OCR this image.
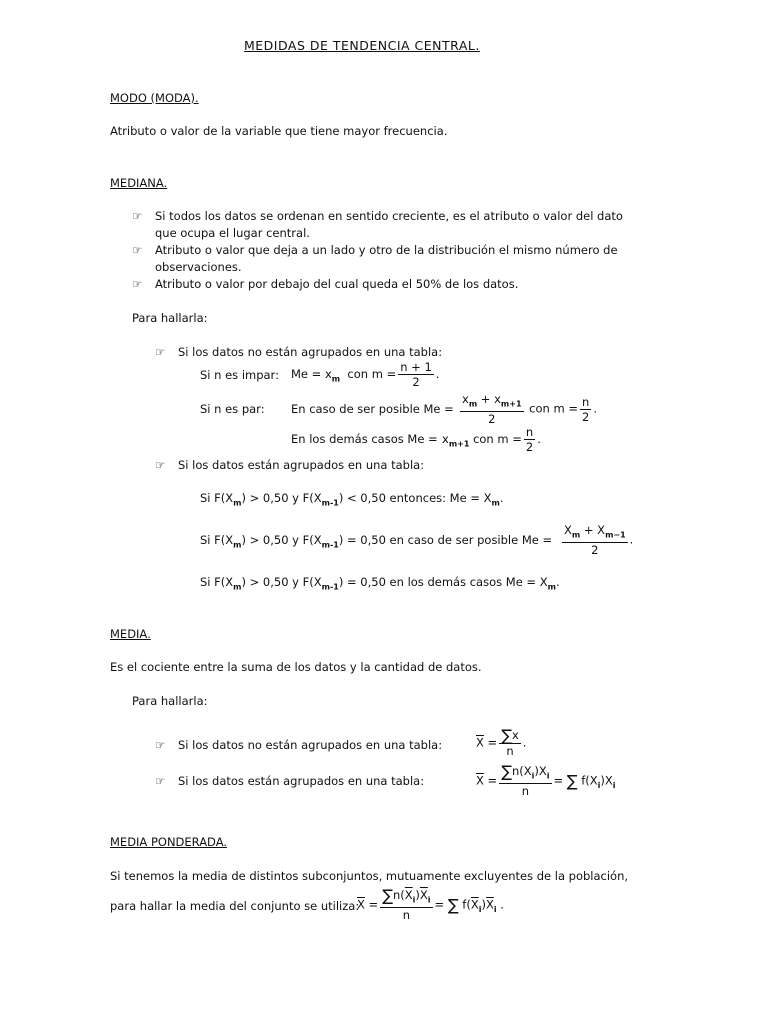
MEDIDAS DE TENDENCIA CENTRAL.
MODO (MODA).
Atributo o valor de la variable que tiene mayor frecuencia.
MEDIANA.
☞ Si todos los datos se ordenan en sentido creciente, es el atributo o valor del dato
que ocupa el lugar central.
☞ Atributo o valor que deja a un lado y otro de la distribución el mismo número de
observaciones.
☞ Atributo o valor por debajo del cual queda el 50% de los datos.
Para hallarla:
☞ Si los datos no están agrupados en una tabla:
Si n es impar: $Me = x_m$  con $m = \frac{n + 1}{2}$ .
Si n es par: En caso de ser posible $Me = \frac{x_m + x_{m+1}}{2}$ con $m = \frac{n}{2}$ .
En los demás casos $Me = x_{m+1}$ con $m = \frac{n}{2}$ .
☞ Si los datos están agrupados en una tabla:
Si $F(X_m) > 0,50$ y $F(X_{m-1}) < 0,50$ entonces: $Me = X_m$.
Si $F(X_m) > 0,50$ y $F(X_{m-1}) = 0,50$ en caso de ser posible $Me = \frac{X_m + X_{m-1}}{2}$ .
Si $F(X_m) > 0,50$ y $F(X_{m-1}) = 0,50$ en los demás casos $Me = X_m$.
MEDIA.
Es el cociente entre la suma de los datos y la cantidad de datos.
Para hallarla:
☞ Si los datos no están agrupados en una tabla:	$\overline{X} = \frac{\sum x}{n}$ .
☞ Si los datos están agrupados en una tabla:	$\overline{X} = \frac{\sum n(X_i)X_i}{n}$ = ∑ $f(X_i)X_i$
MEDIA PONDERADA.
Si tenemos la media de distintos subconjuntos, mutuamente excluyentes de la población,
para hallar la media del conjunto se utiliza:
$\overline{X} = \frac{\sum n(\overline{X}_i)\overline{X}_i}{n}$ = ∑ $f(\overline{X}_i)\overline{X}_i$ .
